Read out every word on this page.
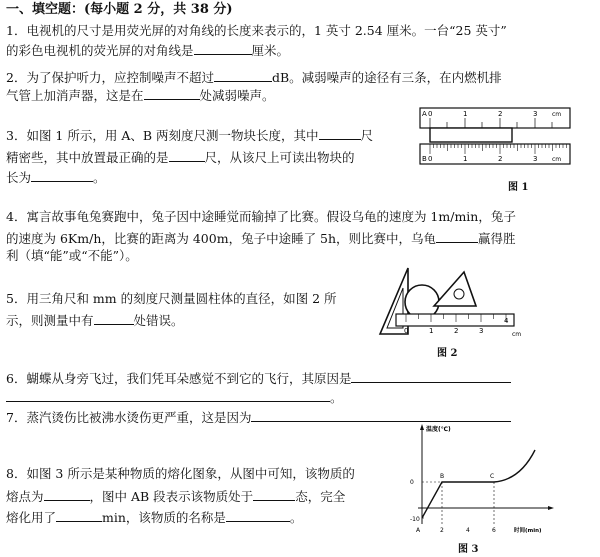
一、填空题：(每小题 2 分，共 38 分)
1．电视机的尺寸是用荧光屏的对角线的长度来表示的，1 英寸 2.54 厘米。一台“25 英寸”
的彩色电视机的荧光屏的对角线是	厘米。
2．为了保护听力，应控制噪声不超过	dB。减弱噪声的途径有三条，在内燃机排
气管上加消声器，这是在	处减弱噪声。
3．如图 1 所示，用 A、B 两刻度尺测一物块长度，其中	尺
精密些，其中放置最正确的是	尺，从该尺上可读出物块的
长为	。
A 0	1	2	3 cm
B 0	1	2	3 cm
图 1
4．寓言故事龟兔赛跑中，兔子因中途睡觉而输掉了比赛。假设乌龟的速度为 1m/min，兔子
的速度为 6Km/h，比赛的距离为 400m，兔子中途睡了 5h，则比赛中，乌龟	赢得胜
利（填“能”或“不能”）。
5．用三角尺和 mm 的刻度尺测量圆柱体的直径，如图 2 所
示，则测量中有	处错误。
0	1	2	3
4
cm
图 2
6．蝴蝶从身旁飞过，我们凭耳朵感觉不到它的飞行，其原因是
。
7．蒸汽烫伤比被沸水烫伤更严重，这是因为
8．如图 3 所示是某种物质的熔化图象，从图中可知，该物质的
熔点为	，图中 AB 段表示该物质处于	态，完全
熔化用了	min，该物质的名称是	。
温度(℃)
0
-10
A
B	C
2	4	6	时间(min)
图 3
